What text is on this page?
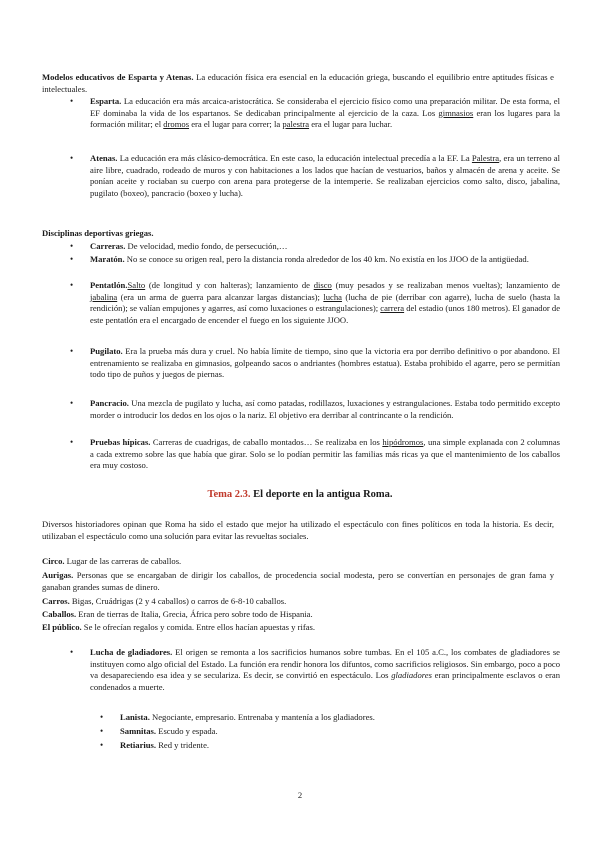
Modelos educativos de Esparta y Atenas. La educación física era esencial en la educación griega, buscando el equilibrio entre aptitudes físicas e intelectuales.
• Esparta. La educación era más arcaica-aristocrática. Se consideraba el ejercicio físico como una preparación militar. De esta forma, el EF dominaba la vida de los espartanos. Se dedicaban principalmente al ejercicio de la caza. Los gimnasios eran los lugares para la formación militar; el dromos era el lugar para correr; la palestra era el lugar para luchar.
• Atenas. La educación era más clásico-democrática. En este caso, la educación intelectual precedía a la EF. La Palestra, era un terreno al aire libre, cuadrado, rodeado de muros y con habitaciones a los lados que hacían de vestuarios, baños y almacén de arena y aceite. Se ponían aceite y rociaban su cuerpo con arena para protegerse de la intemperie. Se realizaban ejercicios como salto, disco, jabalina, pugilato (boxeo), pancracio (boxeo y lucha).
Disciplinas deportivas griegas.
• Carreras. De velocidad, medio fondo, de persecución,…
• Maratón. No se conoce su origen real, pero la distancia ronda alrededor de los 40 km. No existía en los JJOO de la antigüedad.
• Pentatlón.Salto (de longitud y con halteras); lanzamiento de disco (muy pesados y se realizaban menos vueltas); lanzamiento de jabalina (era un arma de guerra para alcanzar largas distancias); lucha (lucha de pie (derribar con agarre), lucha de suelo (hasta la rendición); se valían empujones y agarres, así como luxaciones o estrangulaciones); carrera del estadio (unos 180 metros). El ganador de este pentatlón era el encargado de encender el fuego en los siguiente JJOO.
• Pugilato. Era la prueba más dura y cruel. No había límite de tiempo, sino que la victoria era por derribo definitivo o por abandono. El entrenamiento se realizaba en gimnasios, golpeando sacos o andriantes (hombres estatua). Estaba prohibido el agarre, pero se permitían todo tipo de puños y juegos de piernas.
• Pancracio. Una mezcla de pugilato y lucha, así como patadas, rodillazos, luxaciones y estrangulaciones. Estaba todo permitido excepto morder o introducir los dedos en los ojos o la nariz. El objetivo era derribar al contrincante o la rendición.
• Pruebas hípicas. Carreras de cuadrigas, de caballo montados… Se realizaba en los hipódromos, una simple explanada con 2 columnas a cada extremo sobre las que había que girar. Solo se lo podían permitir las familias más ricas ya que el mantenimiento de los caballos era muy costoso.
Tema 2.3. El deporte en la antigua Roma.
Diversos historiadores opinan que Roma ha sido el estado que mejor ha utilizado el espectáculo con fines políticos en toda la historia. Es decir, utilizaban el espectáculo como una solución para evitar las revueltas sociales.
Circo. Lugar de las carreras de caballos.
Aurigas. Personas que se encargaban de dirigir los caballos, de procedencia social modesta, pero se convertían en personajes de gran fama y ganaban grandes sumas de dinero.
Carros. Bigas, Cruádrigas (2 y 4 caballos) o carros de 6-8-10 caballos.
Caballos. Eran de tierras de Italia, Grecia, África pero sobre todo de Hispania.
El público. Se le ofrecían regalos y comida. Entre ellos hacían apuestas y rifas.
• Lucha de gladiadores. El origen se remonta a los sacrificios humanos sobre tumbas. En el 105 a.C., los combates de gladiadores se instituyen como algo oficial del Estado. La función era rendir honora los difuntos, como sacrificios religiosos. Sin embargo, poco a poco va desapareciendo esa idea y se seculariza. Es decir, se convirtió en espectáculo. Los gladiadores eran principalmente esclavos o eran condenados a muerte.
• Lanista. Negociante, empresario. Entrenaba y mantenía a los gladiadores.
• Samnitas. Escudo y espada.
• Retiarius. Red y tridente.
2
